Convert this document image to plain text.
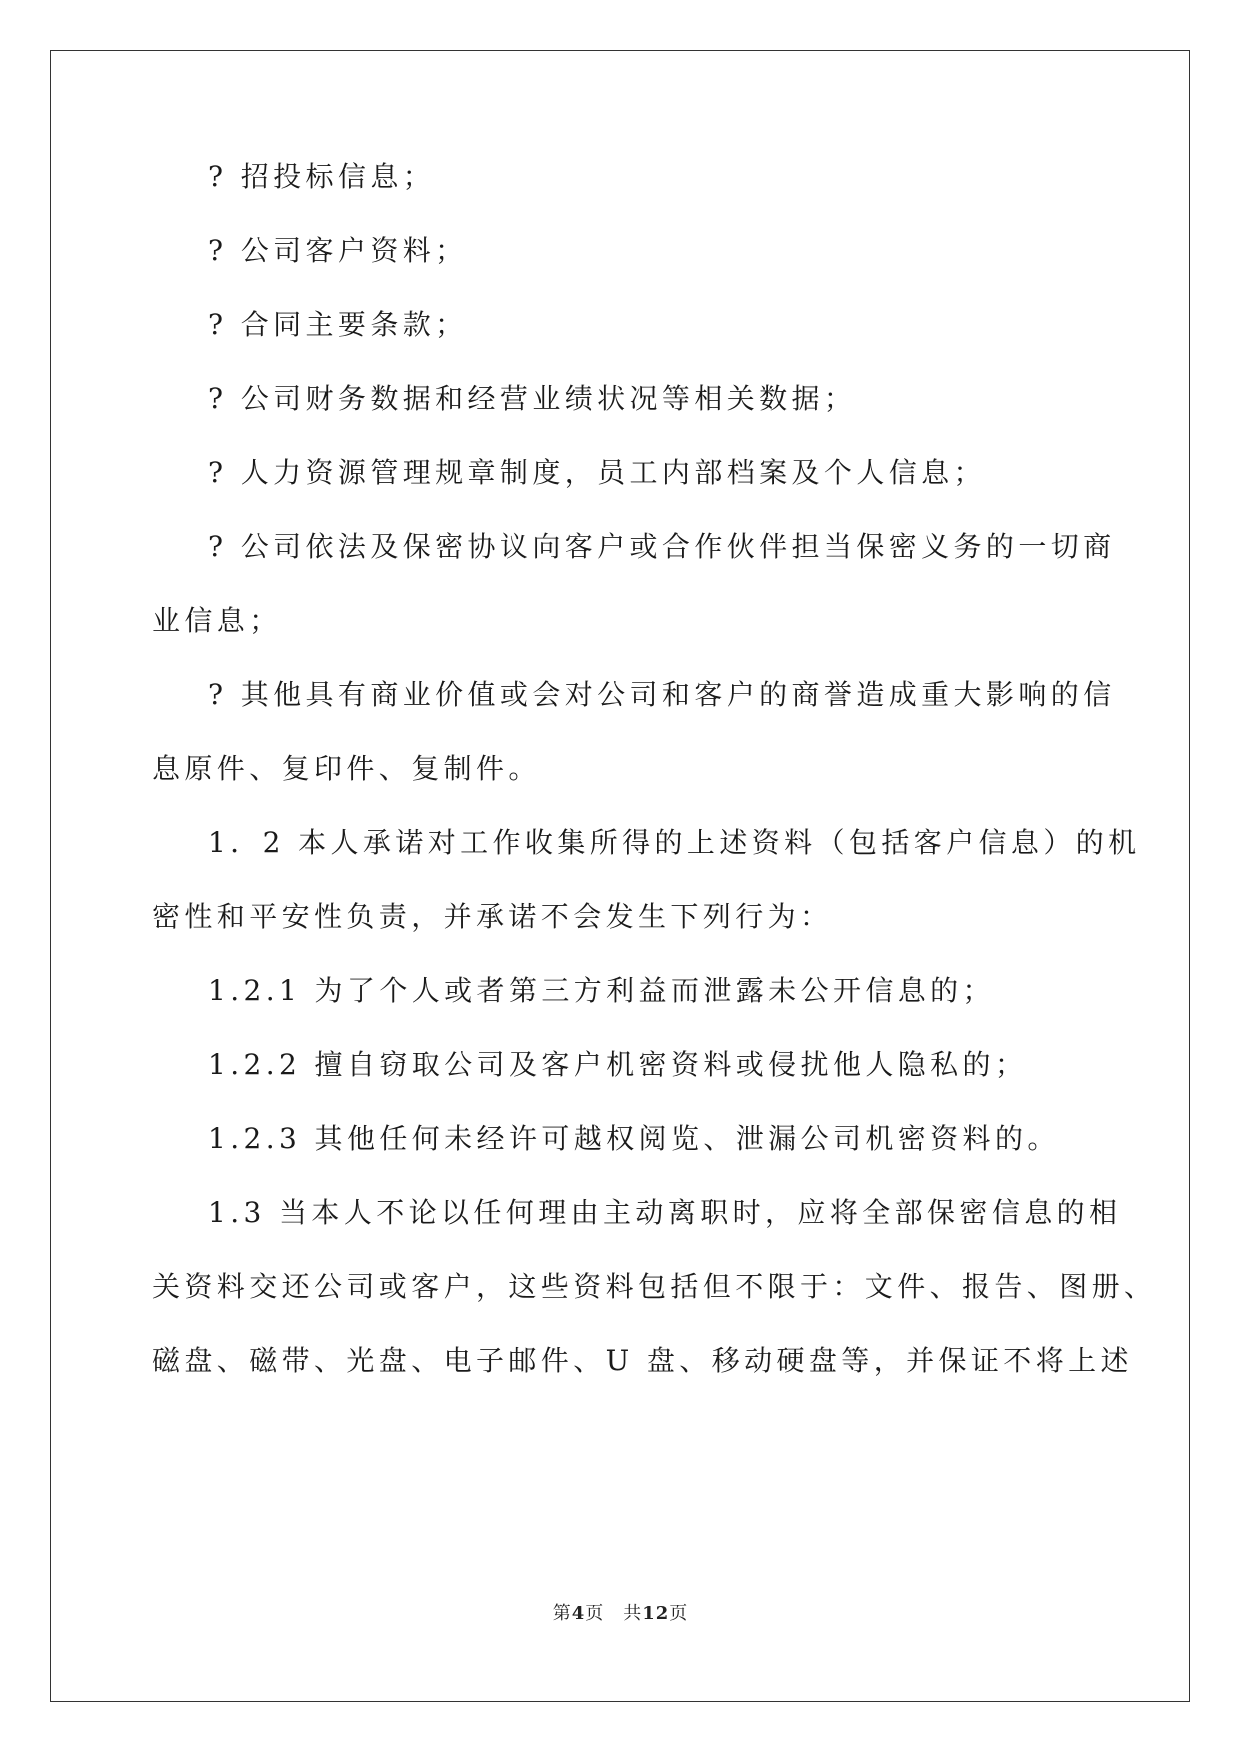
? 招投标信息；
? 公司客户资料；
? 合同主要条款；
? 公司财务数据和经营业绩状况等相关数据；
? 人力资源管理规章制度，员工内部档案及个人信息；
? 公司依法及保密协议向客户或合作伙伴担当保密义务的一切商
业信息；
? 其他具有商业价值或会对公司和客户的商誉造成重大影响的信
息原件、复印件、复制件。
1．2 本人承诺对工作收集所得的上述资料（包括客户信息）的机
密性和平安性负责，并承诺不会发生下列行为：
1.2.1 为了个人或者第三方利益而泄露未公开信息的；
1.2.2 擅自窃取公司及客户机密资料或侵扰他人隐私的；
1.2.3 其他任何未经许可越权阅览、泄漏公司机密资料的。
1.3 当本人不论以任何理由主动离职时，应将全部保密信息的相
关资料交还公司或客户，这些资料包括但不限于：文件、报告、图册、
磁盘、磁带、光盘、电子邮件、U 盘、移动硬盘等，并保证不将上述
第4页　共12页
